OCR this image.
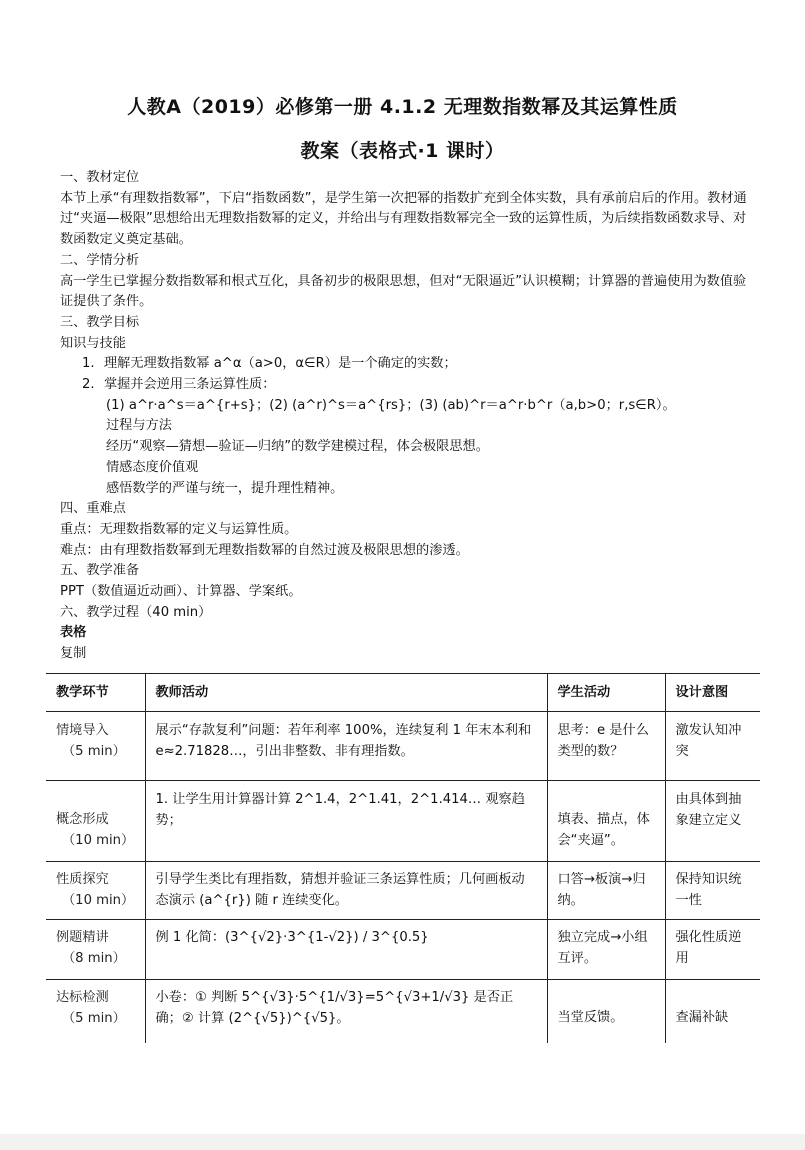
人教A（2019）必修第一册 4.1.2 无理数指数幂及其运算性质
教案（表格式·1 课时）

一、教材定位

本节上承“有理数指数幂”，下启“指数函数”，是学生第一次把幂的指数扩充到全体实数，具有承前启后的作用。教材通过“夹逼—极限”思想给出无理数指数幂的定义，并给出与有理数指数幂完全一致的运算性质，为后续指数函数求导、对数函数定义奠定基础。

二、学情分析

高一学生已掌握分数指数幂和根式互化，具备初步的极限思想，但对“无限逼近”认识模糊；计算器的普遍使用为数值验证提供了条件。

三、教学目标

知识与技能

1. 理解无理数指数幂 a^α（a>0，α∈R）是一个确定的实数；
2. 掌握并会逆用三条运算性质：

(1) a^r·a^s＝a^{r+s}；(2) (a^r)^s＝a^{rs}；(3) (ab)^r＝a^r·b^r（a,b>0；r,s∈R）。

过程与方法

经历“观察—猜想—验证—归纳”的数学建模过程，体会极限思想。

情感态度价值观

感悟数学的严谨与统一，提升理性精神。

四、重难点

重点：无理数指数幂的定义与运算性质。

难点：由有理数指数幂到无理数指数幂的自然过渡及极限思想的渗透。

五、教学准备

PPT（数值逼近动画）、计算器、学案纸。

六、教学过程（40 min）

表格

复制

教学环节	教师活动	学生活动	设计意图
情境导入
（5 min）	展示“存款复利”问题：若年利率 100%，连续复利 1 年末本利和 e≈2.71828…，引出非整数、非有理指数。	思考：e 是什么类型的数？	激发认知冲突

概念形成
（10 min）	1. 让学生用计算器计算 2^1.4，2^1.41，2^1.414… 观察趋势；	填表、描点，体会“夹逼”。	由具体到抽象建立定义
性质探究
（10 min）	引导学生类比有理指数，猜想并验证三条运算性质；几何画板动态演示 (a^{r}) 随 r 连续变化。	口答→板演→归纳。	保持知识统一性
例题精讲
（8 min）	例 1 化简：(3^{√2}·3^{1-√2}) / 3^{0.5}	独立完成→小组互评。	强化性质逆用
达标检测
（5 min）	小卷：① 判断 5^{√3}·5^{1/√3}=5^{√3+1/√3} 是否正确；② 计算 (2^{√5})^{√5}。	当堂反馈。	查漏补缺
